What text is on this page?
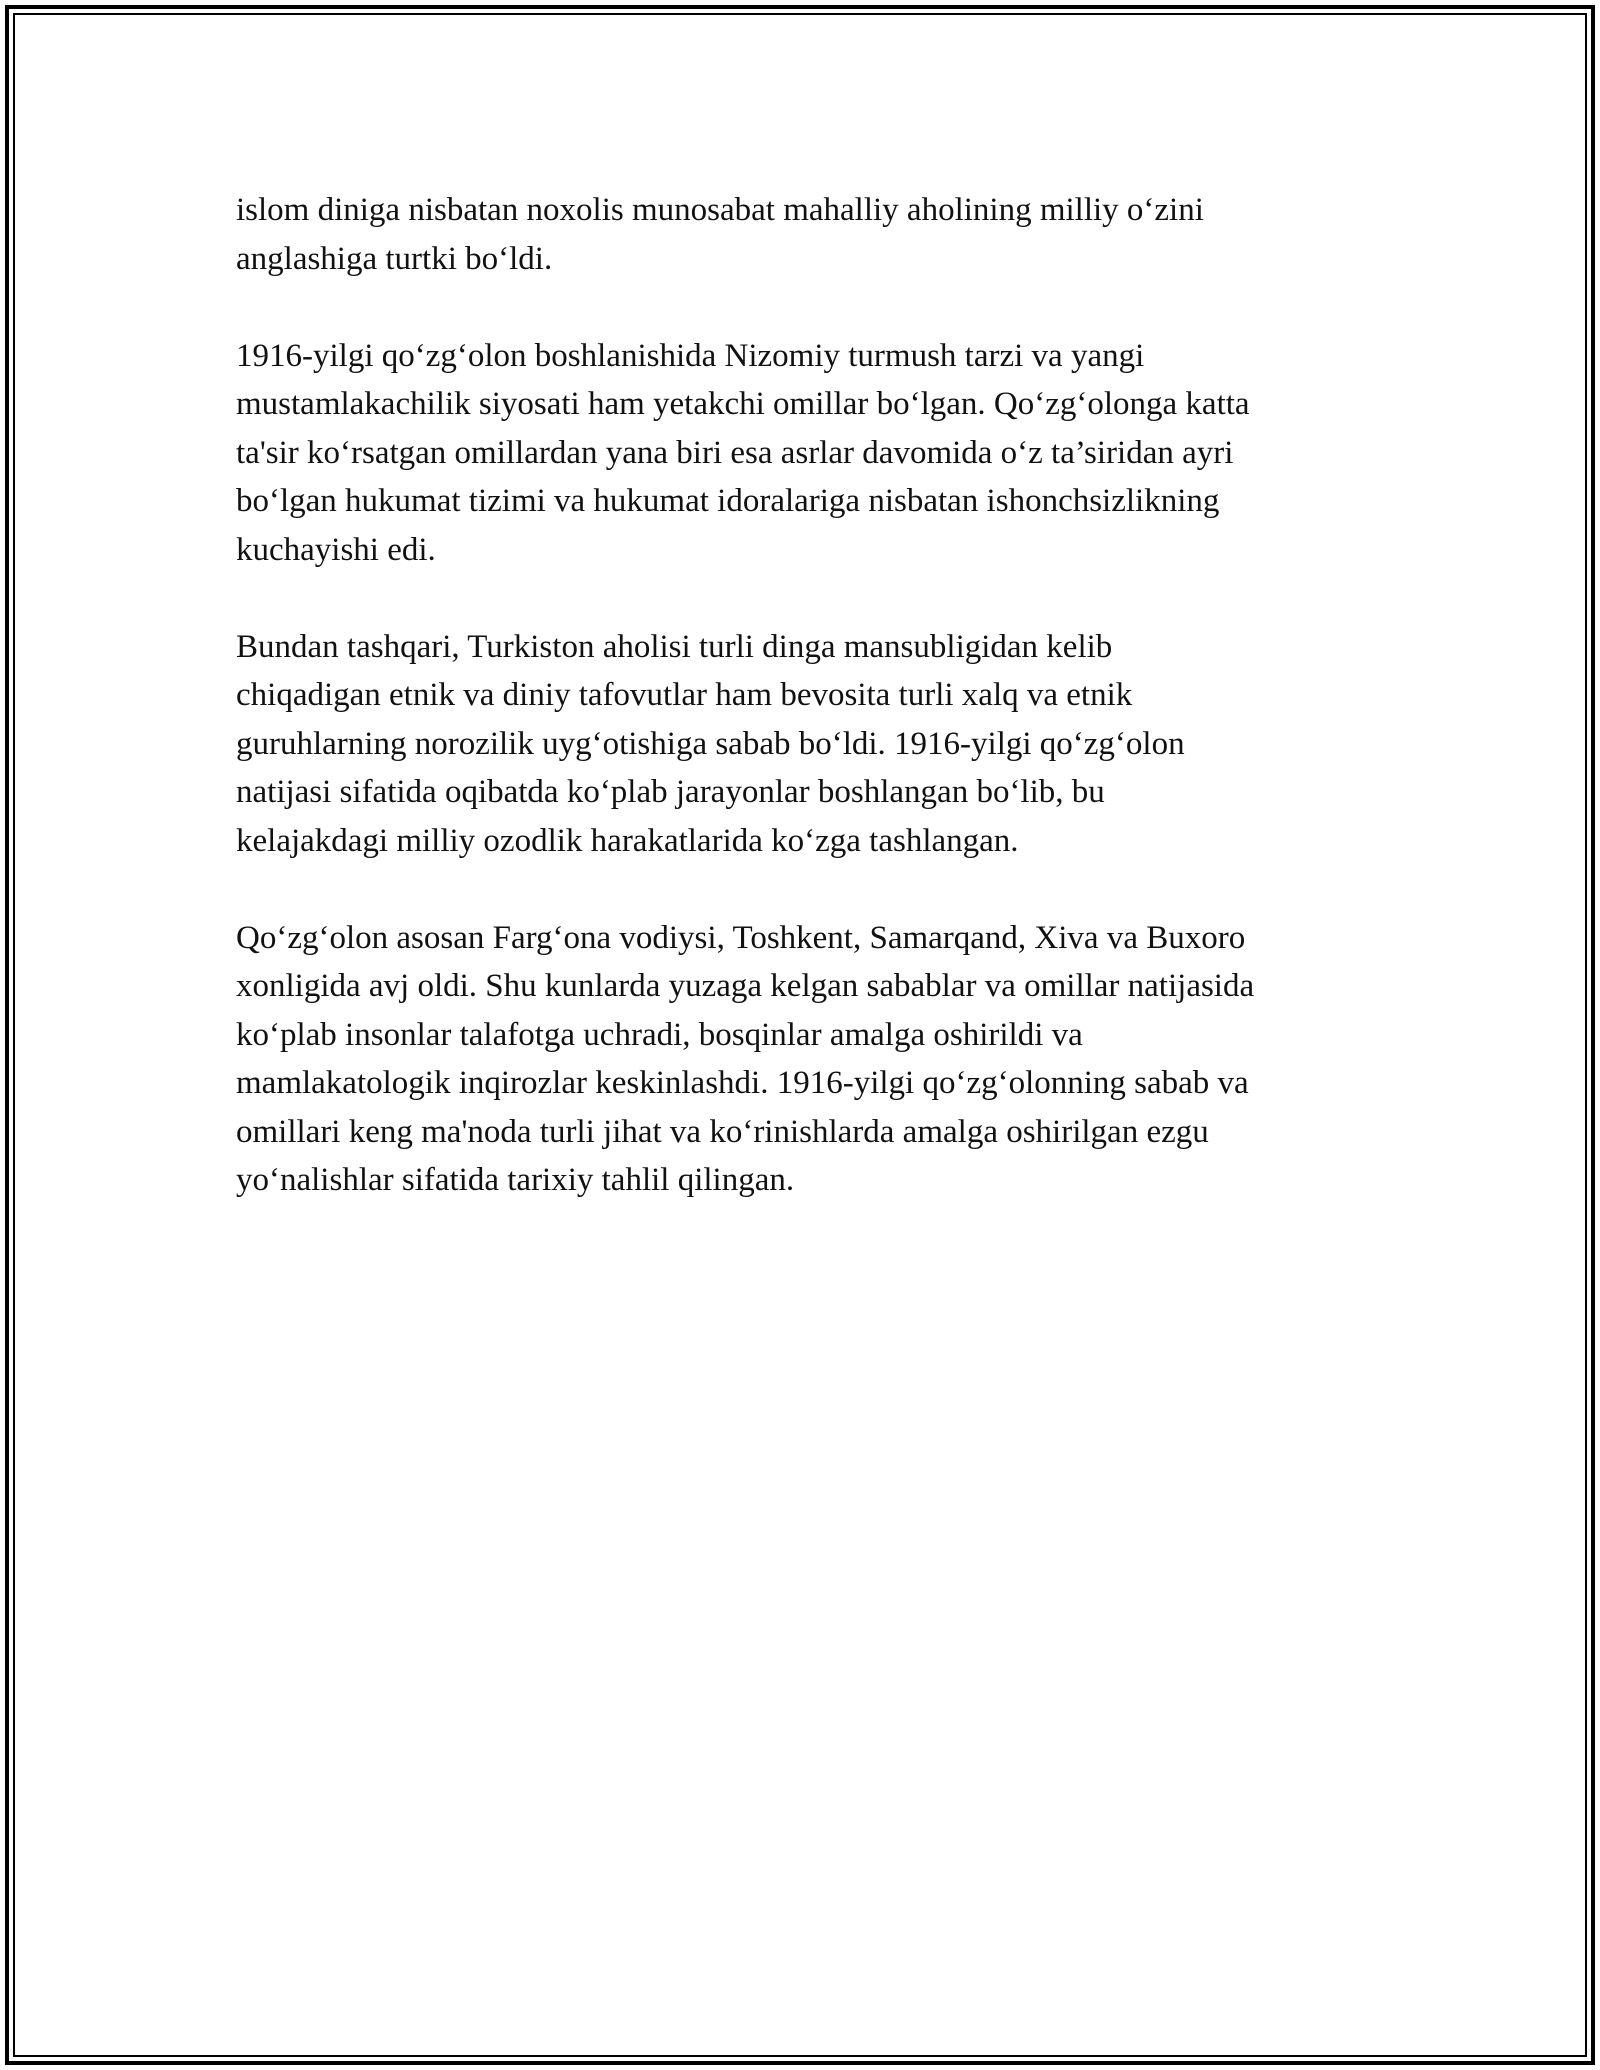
islom diniga nisbatan noxolis munosabat mahalliy aholining milliy o‘zini
anglashiga turtki bo‘ldi.

1916-yilgi qo‘zg‘olon boshlanishida Nizomiy turmush tarzi va yangi
mustamlakachilik siyosati ham yetakchi omillar bo‘lgan. Qo‘zg‘olonga katta
ta'sir ko‘rsatgan omillardan yana biri esa asrlar davomida o‘z ta’siridan ayri
bo‘lgan hukumat tizimi va hukumat idoralariga nisbatan ishonchsizlikning
kuchayishi edi.

Bundan tashqari, Turkiston aholisi turli dinga mansubligidan kelib
chiqadigan etnik va diniy tafovutlar ham bevosita turli xalq va etnik
guruhlarning norozilik uyg‘otishiga sabab bo‘ldi. 1916-yilgi qo‘zg‘olon
natijasi sifatida oqibatda ko‘plab jarayonlar boshlangan bo‘lib, bu
kelajakdagi milliy ozodlik harakatlarida ko‘zga tashlangan.

Qo‘zg‘olon asosan Farg‘ona vodiysi, Toshkent, Samarqand, Xiva va Buxoro
xonligida avj oldi. Shu kunlarda yuzaga kelgan sabablar va omillar natijasida
ko‘plab insonlar talafotga uchradi, bosqinlar amalga oshirildi va
mamlakatologik inqirozlar keskinlashdi. 1916-yilgi qo‘zg‘olonning sabab va
omillari keng ma'noda turli jihat va ko‘rinishlarda amalga oshirilgan ezgu
yo‘nalishlar sifatida tarixiy tahlil qilingan.
